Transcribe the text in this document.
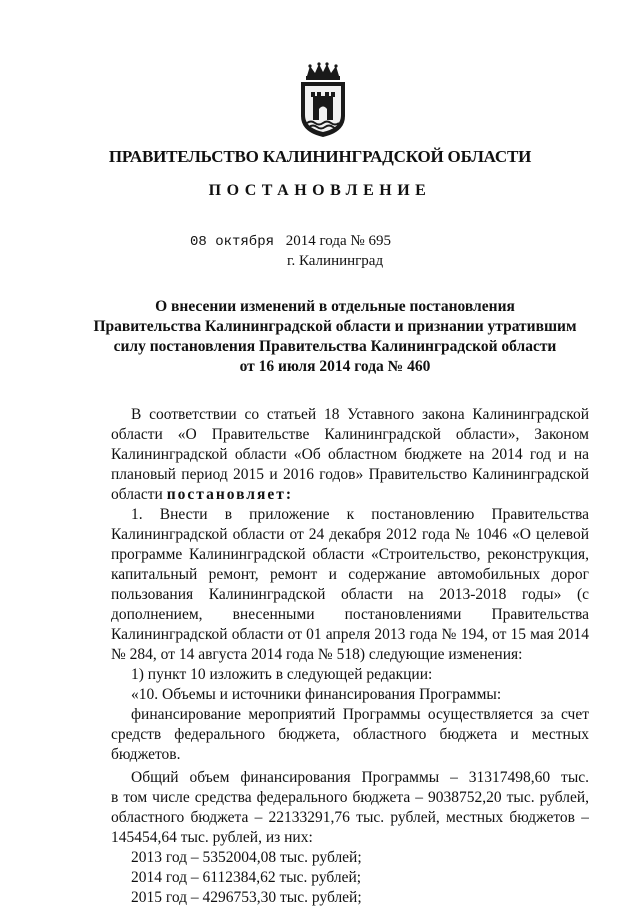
ПРАВИТЕЛЬСТВО КАЛИНИНГРАДСКОЙ ОБЛАСТИ
ПОСТАНОВЛЕНИЕ
08 октября 2014 года № 695
г. Калининград
О внесении изменений в отдельные постановления
Правительства Калининградской области и признании утратившим
силу постановления Правительства Калининградской области
от 16 июля 2014 года № 460
В соответствии со статьей 18 Уставного закона Калининградской
области «О Правительстве Калининградской области», Законом
Калининградской области «Об областном бюджете на 2014 год и на
плановый период 2015 и 2016 годов» Правительство Калининградской
области постановляет:
1. Внести в приложение к постановлению Правительства
Калининградской области от 24 декабря 2012 года № 1046 «О целевой
программе Калининградской области «Строительство, реконструкция,
капитальный ремонт, ремонт и содержание автомобильных дорог
пользования Калининградской области на 2013-2018 годы» (с
дополнением, внесенными постановлениями Правительства
Калининградской области от 01 апреля 2013 года № 194, от 15 мая 2014
№ 284, от 14 августа 2014 года № 518) следующие изменения:
1) пункт 10 изложить в следующей редакции:
«10. Объемы и источники финансирования Программы:
финансирование мероприятий Программы осуществляется за счет
средств федерального бюджета, областного бюджета и местных
бюджетов.
Общий объем финансирования Программы – 31317498,60 тыс.
в том числе средства федерального бюджета – 9038752,20 тыс. рублей,
областного бюджета – 22133291,76 тыс. рублей, местных бюджетов –
145454,64 тыс. рублей, из них:
2013 год – 5352004,08 тыс. рублей;
2014 год – 6112384,62 тыс. рублей;
2015 год – 4296753,30 тыс. рублей;
